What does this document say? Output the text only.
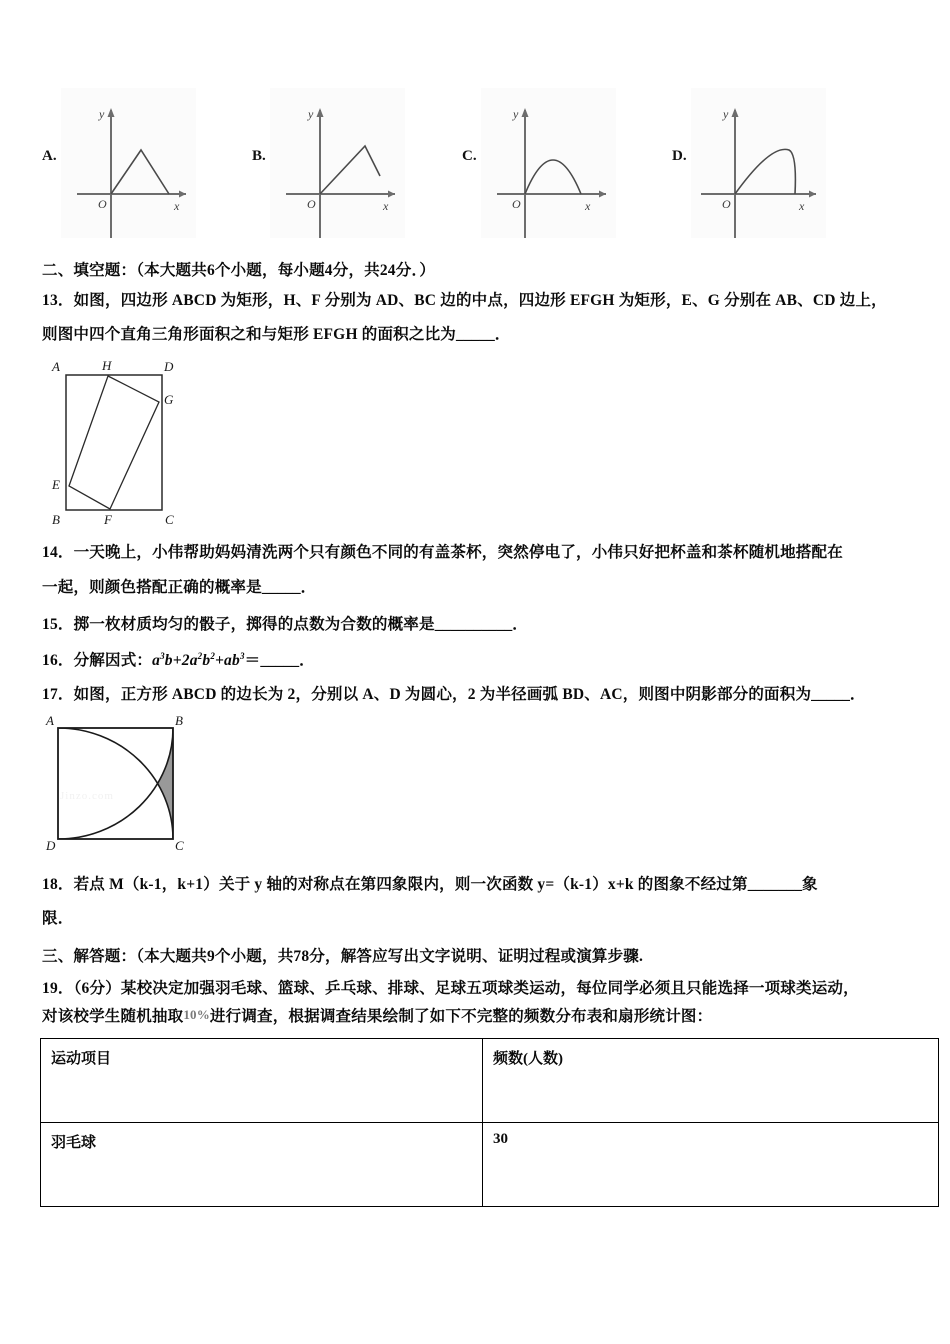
A.
O	x
y
B.
O	x
y
C.
O	x
y
D.
O	x
y
二、填空题：（本大题共6个小题，每小题4分，共24分．）
13．如图，四边形 ABCD 为矩形，H、F 分别为 AD、BC 边的中点，四边形 EFGH 为矩形，E、G 分别在 AB、CD 边上，
则图中四个直角三角形面积之和与矩形 EFGH 的面积之比为_____．
A	H	D
G
E
B	F	C
14．一天晚上，小伟帮助妈妈清洗两个只有颜色不同的有盖茶杯，突然停电了，小伟只好把杯盖和茶杯随机地搭配在
一起，则颜色搭配正确的概率是_____．
15．掷一枚材质均匀的骰子，掷得的点数为合数的概率是__________．
16．分解因式：$a^3b+2a^2b^2+ab^3=\_\_\_\_\_$．
17．如图，正方形 ABCD 的边长为 2，分别以 A、D 为圆心，2 为半径画弧 BD、AC，则图中阴影部分的面积为_____．
A	B
D	C
Jinzo.com
18．若点 M（k‑1，k+1）关于 y 轴的对称点在第四象限内，则一次函数 y=（k‑1）x+k 的图象不经过第_______象
限．
三、解答题：（本大题共9个小题，共78分，解答应写出文字说明、证明过程或演算步骤.
19．（6分）某校决定加强羽毛球、篮球、乒乓球、排球、足球五项球类运动，每位同学必须且只能选择一项球类运动，
对该校学生随机抽取10%进行调查，根据调查结果绘制了如下不完整的频数分布表和扇形统计图：
运动项目	频数(人数)
羽毛球	30
